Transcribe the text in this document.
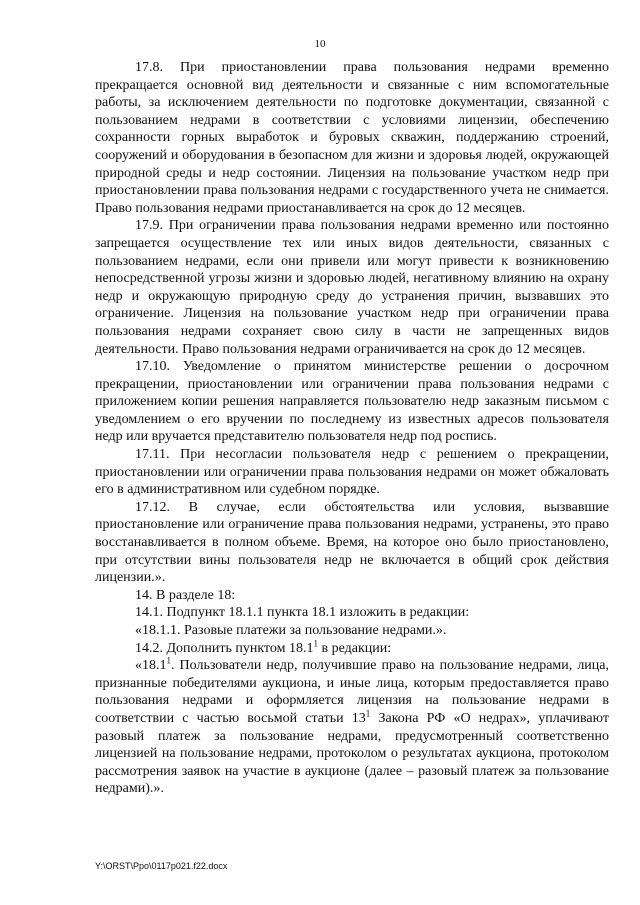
10

17.8. При приостановлении права пользования недрами временно прекращается основной вид деятельности и связанные с ним вспомогательные работы, за исключением деятельности по подготовке документации, связанной с пользованием недрами в соответствии с условиями лицензии, обеспечению сохранности горных выработок и буровых скважин, поддержанию строений, сооружений и оборудования в безопасном для жизни и здоровья людей, окружающей природной среды и недр состоянии. Лицензия на пользование участком недр при приостановлении права пользования недрами с государственного учета не снимается. Право пользования недрами приостанавливается на срок до 12 месяцев.

17.9. При ограничении права пользования недрами временно или постоянно запрещается осуществление тех или иных видов деятельности, связанных с пользованием недрами, если они привели или могут привести к возникновению непосредственной угрозы жизни и здоровью людей, негативному влиянию на охрану недр и окружающую природную среду до устранения причин, вызвавших это ограничение. Лицензия на пользование участком недр при ограничении права пользования недрами сохраняет свою силу в части не запрещенных видов деятельности. Право пользования недрами ограничивается на срок до 12 месяцев.

17.10. Уведомление о принятом министерстве решении о досрочном прекращении, приостановлении или ограничении права пользования недрами с приложением копии решения направляется пользователю недр заказным письмом с уведомлением о его вручении по последнему из известных адресов пользователя недр или вручается представителю пользователя недр под роспись.

17.11. При несогласии пользователя недр с решением о прекращении, приостановлении или ограничении права пользования недрами он может обжаловать его в административном или судебном порядке.

17.12. В случае, если обстоятельства или условия, вызвавшие приостановление или ограничение права пользования недрами, устранены, это право восстанавливается в полном объеме. Время, на которое оно было приостановлено, при отсутствии вины пользователя недр не включается в общий срок действия лицензии.».

14. В разделе 18:

14.1. Подпункт 18.1.1 пункта 18.1 изложить в редакции:

«18.1.1. Разовые платежи за пользование недрами.».

14.2. Дополнить пунктом 18.1$^1$ в редакции:

«18.1$^1$. Пользователи недр, получившие право на пользование недрами, лица, признанные победителями аукциона, и иные лица, которым предоставляется право пользования недрами и оформляется лицензия на пользование недрами в соответствии с частью восьмой статьи $13^1$ Закона РФ «О недрах», уплачивают разовый платеж за пользование недрами, предусмотренный соответственно лицензией на пользование недрами, протоколом о результатах аукциона, протоколом рассмотрения заявок на участие в аукционе (далее – разовый платеж за пользование недрами).».

Y:\ORST\Ppo\0117p021.f22.docx
